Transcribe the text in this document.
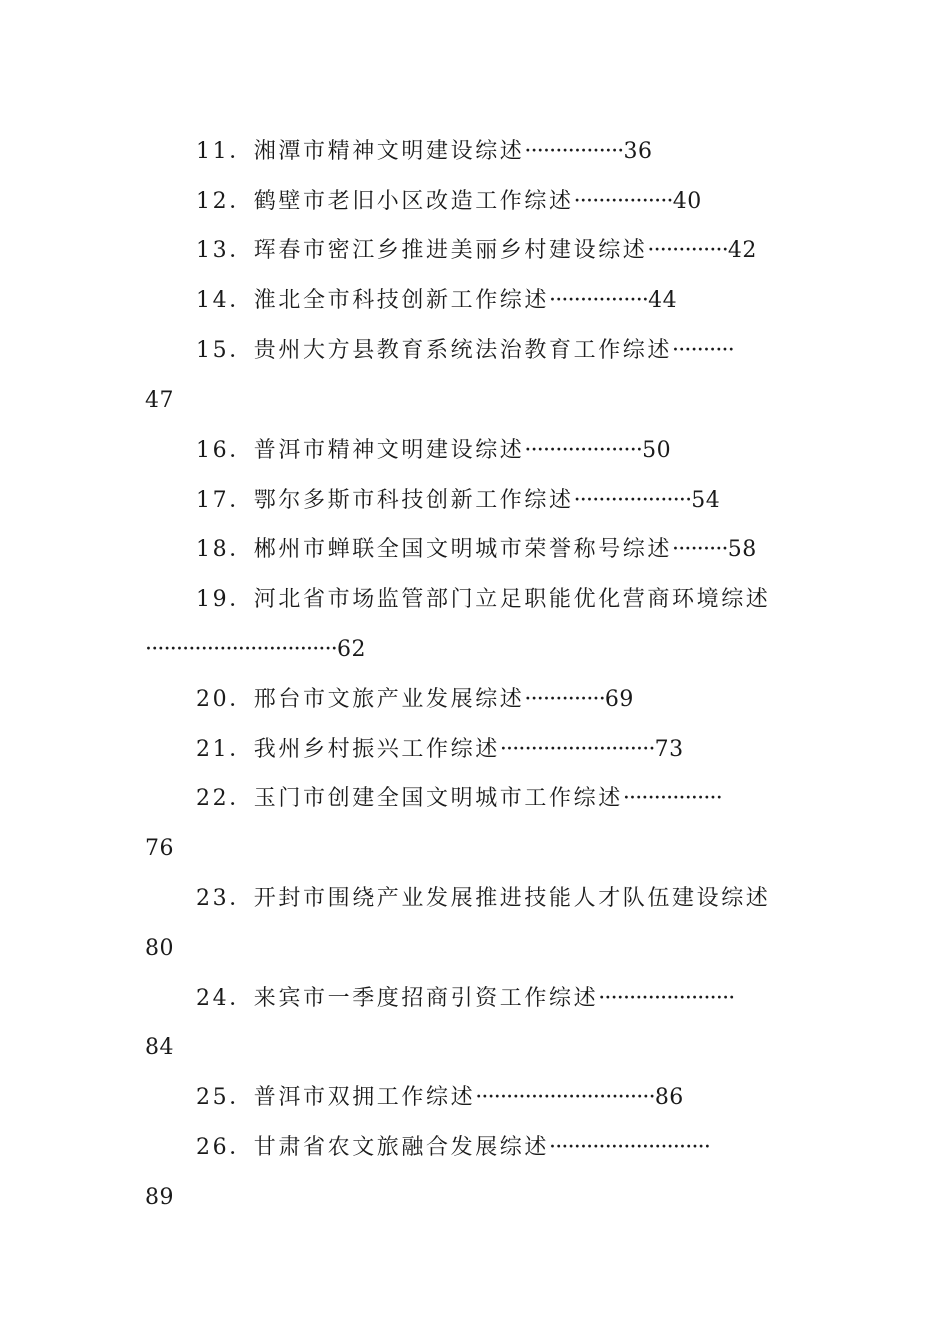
11．湘潭市精神文明建设综述················36
12．鹤壁市老旧小区改造工作综述················40
13．珲春市密江乡推进美丽乡村建设综述·············42
14．淮北全市科技创新工作综述················44
15．贵州大方县教育系统法治教育工作综述··········
47
16．普洱市精神文明建设综述···················50
17．鄂尔多斯市科技创新工作综述···················54
18．郴州市蝉联全国文明城市荣誉称号综述·········58
19．河北省市场监管部门立足职能优化营商环境综述
·······························62
20．邢台市文旅产业发展综述·············69
21．我州乡村振兴工作综述·························73
22．玉门市创建全国文明城市工作综述················
76
23．开封市围绕产业发展推进技能人才队伍建设综述
80
24．来宾市一季度招商引资工作综述······················
84
25．普洱市双拥工作综述·····························86
26．甘肃省农文旅融合发展综述··························
89
